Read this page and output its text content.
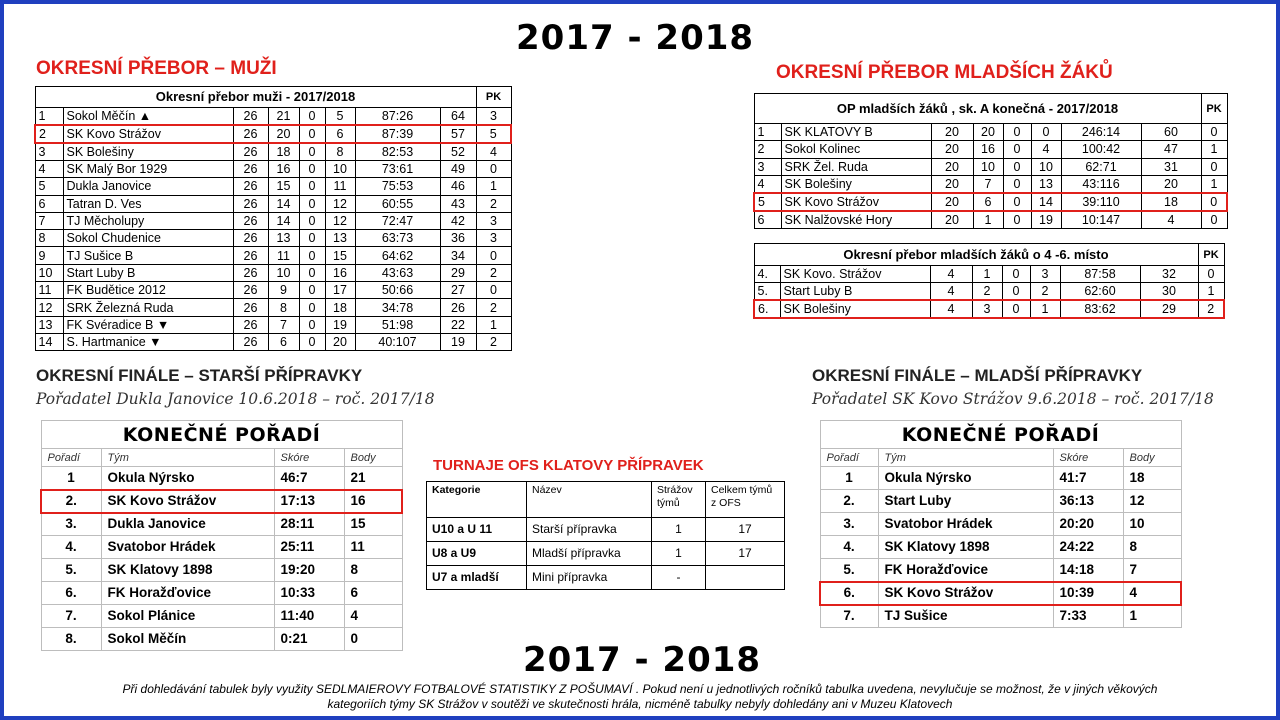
2017 - 2018
OKRESNÍ PŘEBOR – MUŽI
Okresní přebor muži - 2017/2018								PK
1	Sokol Měčín ▲	26	21	0	5	87:26	64	3
2	SK Kovo Strážov	26	20	0	6	87:39	57	5
3	SK Bolešiny	26	18	0	8	82:53	52	4
4	SK Malý Bor 1929	26	16	0	10	73:61	49	0
5	Dukla Janovice	26	15	0	11	75:53	46	1
6	Tatran D. Ves	26	14	0	12	60:55	43	2
7	TJ Měcholupy	26	14	0	12	72:47	42	3
8	Sokol Chudenice	26	13	0	13	63:73	36	3
9	TJ Sušice B	26	11	0	15	64:62	34	0
10	Start Luby B	26	10	0	16	43:63	29	2
11	FK Budětice 2012	26	9	0	17	50:66	27	0
12	SRK Železná Ruda	26	8	0	18	34:78	26	2
13	FK Svéradice B ▼	26	7	0	19	51:98	22	1
14	S. Hartmanice ▼	26	6	0	20	40:107	19	2
OKRESNÍ PŘEBOR MLADŠÍCH ŽÁKŮ
OP mladších žáků , sk. A konečná - 2017/2018								PK
1	SK KLATOVY B	20	20	0	0	246:14	60	0
2	Sokol Kolinec	20	16	0	4	100:42	47	1
3	SRK Žel. Ruda	20	10	0	10	62:71	31	0
4	SK Bolešiny	20	7	0	13	43:116	20	1
5	SK Kovo Strážov	20	6	0	14	39:110	18	0
6	SK Nalžovské Hory	20	1	0	19	10:147	4	0
Okresní přebor mladších žáků o 4 -6. místo								PK
4.	SK Kovo. Strážov	4	1	0	3	87:58	32	0
5.	Start Luby B	4	2	0	2	62:60	30	1
6.	SK Bolešiny	4	3	0	1	83:62	29	2
OKRESNÍ FINÁLE – STARŠÍ PŘÍPRAVKY
Pořadatel Dukla Janovice 10.6.2018 – roč. 2017/18
KONEČNÉ POŘADÍ			
Pořadí	Tým	Skóre	Body
1	Okula Nýrsko	46:7	21
2.	SK Kovo Strážov	17:13	16
3.	Dukla Janovice	28:11	15
4.	Svatobor Hrádek	25:11	11
5.	SK Klatovy 1898	19:20	8
6.	FK Horažďovice	10:33	6
7.	Sokol Plánice	11:40	4
8.	Sokol Měčín	0:21	0
TURNAJE OFS KLATOVY PŘÍPRAVEK
Kategorie	Název	Strážov týmů	Celkem týmů z OFS
U10 a U 11	Starší přípravka	1	17
U8 a U9	Mladší přípravka	1	17
U7 a mladší	Mini přípravka	-	
OKRESNÍ FINÁLE – MLADŠÍ PŘÍPRAVKY
Pořadatel SK Kovo Strážov 9.6.2018 – roč. 2017/18
KONEČNÉ POŘADÍ			
Pořadí	Tým	Skóre	Body
1	Okula Nýrsko	41:7	18
2.	Start Luby	36:13	12
3.	Svatobor Hrádek	20:20	10
4.	SK Klatovy 1898	24:22	8
5.	FK Horažďovice	14:18	7
6.	SK Kovo Strážov	10:39	4
7.	TJ Sušice	7:33	1
2017 - 2018
Při dohledávání tabulek byly využity SEDLMAIEROVY FOTBALOVÉ STATISTIKY Z POŠUMAVÍ . Pokud není u jednotlivých ročníků tabulka uvedena, nevylučuje se možnost, že v jiných věkových
kategoriích týmy SK Strážov v soutěži ve skutečnosti hrála, nicméně tabulky nebyly dohledány ani v Muzeu Klatovech
